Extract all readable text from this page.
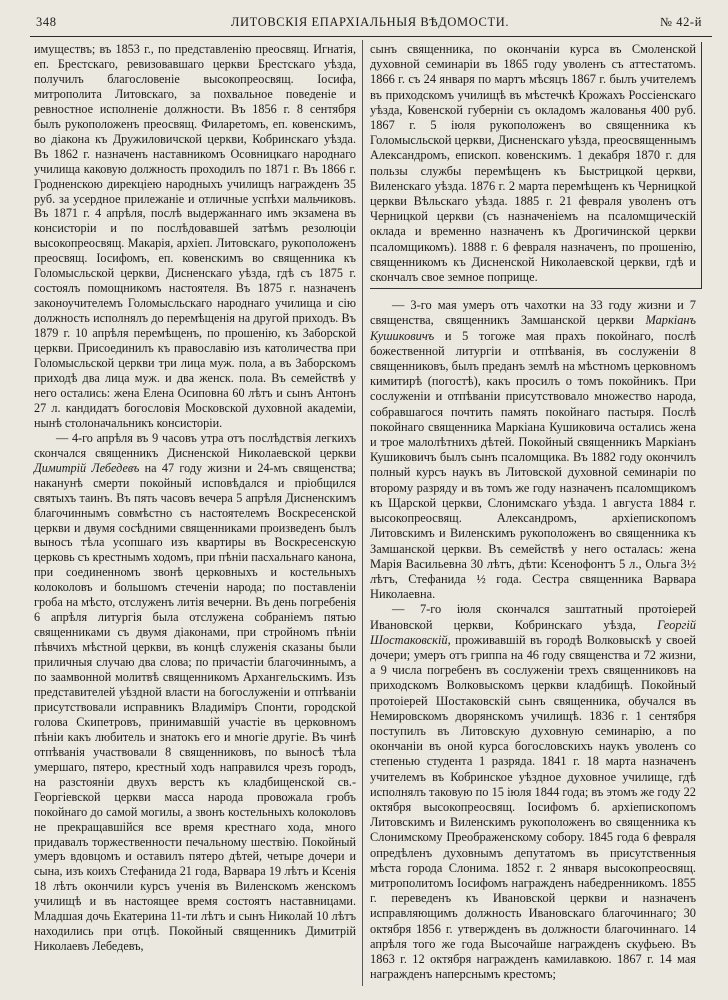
348	ЛИТОВСКІЯ ЕПАРХІАЛЬНЫЯ ВѢДОМОСТИ.	№ 42-й

имуществъ; въ 1853 г., по представленію преосвящ. Игнатія, еп. Брестскаго, ревизовавшаго церкви Брестскаго уѣзда, получилъ благословеніе высокопреосвящ. Іосифа, митрополита Литовскаго, за похвальное поведеніе и ревностное исполненіе должности. Въ 1856 г. 8 сентября былъ рукоположенъ преосвящ. Филаретомъ, еп. ковенскимъ, во діакона къ Дружиловичской церкви, Кобринскаго уѣзда. Въ 1862 г. назначенъ наставникомъ Осовницкаго народнаго училища каковую должность проходилъ по 1871 г. Въ 1866 г. Гродненскою дирекціею народныхъ училищъ награжденъ 35 руб. за усердное прилежаніе и отличные успѣхи мальчиковъ. Въ 1871 г. 4 апрѣля, послѣ выдержаннаго имъ экзамена въ консисторіи и по послѣдовавшей затѣмъ резолюціи высокопреосвящ. Макарія, архіеп. Литовскаго, рукоположенъ преосвящ. Іосифомъ, еп. ковенскимъ во священника къ Голомысльской церкви, Дисненскаго уѣзда, гдѣ съ 1875 г. состоялъ помощникомъ настоятеля. Въ 1875 г. назначенъ законоучителемъ Голомысльскаго народнаго училища и сію должность исполнялъ до перемѣщенія на другой приходъ. Въ 1879 г. 10 апрѣля перемѣщенъ, по прошенію, къ Заборской церкви. Присоединилъ къ православію изъ католичества при Голомысльской церкви три лица муж. пола, а въ Заборскомъ приходѣ два лица муж. и два женск. пола. Въ семействѣ у него остались: жена Елена Осиповна 60 лѣтъ и сынъ Антонъ 27 л. кандидатъ богословія Московской духовной академіи, нынѣ столоначальникъ консисторіи.

— 4-го апрѣля въ 9 часовъ утра отъ послѣдствія легкихъ скончался священникъ Дисненской Николаевской церкви Димитрій Лебедевъ на 47 году жизни и 24-мъ священства; наканунѣ смерти покойный исповѣдался и пріобщился святыхъ таинъ. Въ пять часовъ вечера 5 апрѣля Дисненскимъ благочиннымъ совмѣстно съ настоятелемъ Воскресенской церкви и двумя сосѣдними священниками произведенъ былъ выносъ тѣла усопшаго изъ квартиры въ Воскресенскую церковь съ крестнымъ ходомъ, при пѣніи пасхальнаго канона, при соединенномъ звонѣ церковныхъ и костельныхъ колоколовъ и большомъ стеченіи народа; по поставленіи гроба на мѣсто, отслуженъ литія вечерни. Въ день погребенія 6 апрѣля литургія была отслужена собраніемъ пятью священниками съ двумя діаконами, при стройномъ пѣніи пѣвчихъ мѣстной церкви, въ концѣ служенія сказаны были приличныя случаю два слова; по причастіи благочиннымъ, а по заамвонной молитвѣ священникомъ Архангельскимъ. Изъ представителей уѣздной власти на богослуженіи и отпѣваніи присутствовали исправникъ Владиміръ Спонти, городской голова Скипетровъ, принимавшій участіе въ церковномъ пѣніи какъ любитель и знатокъ его и многіе другіе. Въ чинѣ отпѣванія участвовали 8 священниковъ, по выносѣ тѣла умершаго, пятеро, крестный ходъ направился чрезъ городъ, на разстояніи двухъ верстъ къ кладбищенской св.-Георгіевской церкви масса народа провожала гробъ покойнаго до самой могилы, а звонъ костельныхъ колоколовъ не прекращавшійся все время крестнаго хода, много придавалъ торжественности печальному шествію. Покойный умеръ вдовцомъ и оставилъ пятеро дѣтей, четыре дочери и сына, изъ коихъ Стефанида 21 года, Варвара 19 лѣтъ и Ксенія 18 лѣтъ окончили курсъ ученія въ Виленскомъ женскомъ училищѣ и въ настоящее время состоятъ наставницами. Младшая дочь Екатерина 11-ти лѣтъ и сынъ Николай 10 лѣтъ находились при отцѣ. Покойный священникъ Димитрій Николаевъ Лебедевъ,

сынъ священника, по окончаніи курса въ Смоленской духовной семинаріи въ 1865 году уволенъ съ аттестатомъ. 1866 г. съ 24 января по мартъ мѣсяцъ 1867 г. былъ учителемъ въ приходскомъ училищѣ въ мѣстечкѣ Крожахъ Россіенскаго уѣзда, Ковенской губерніи съ окладомъ жалованья 400 руб. 1867 г. 5 іюля рукоположенъ во священника къ Голомысльской церкви, Дисненскаго уѣзда, преосвященнымъ Александромъ, епископ. ковенскимъ. 1 декабря 1870 г. для пользы службы перемѣщенъ къ Быстрицкой церкви, Виленскаго уѣзда. 1876 г. 2 марта перемѣщенъ къ Черницкой церкви Вѣльскаго уѣзда. 1885 г. 21 февраля уволенъ отъ Черницкой церкви (съ назначеніемъ на псаломщическій оклада и временно назначенъ къ Дрогичинской церкви псаломщикомъ). 1888 г. 6 февраля назначенъ, по прошенію, священникомъ къ Дисненской Николаевской церкви, гдѣ и скончалъ свое земное поприще.

— 3-го мая умеръ отъ чахотки на 33 году жизни и 7 священства, священникъ Замшанской церкви Маркіанъ Кушиковичъ и 5 тогоже мая прахъ покойнаго, послѣ божественной литургіи и отпѣванія, въ сослуженіи 8 священниковъ, былъ преданъ землѣ на мѣстномъ церковномъ кимитирѣ (погостѣ), какъ просилъ о томъ покойникъ. При сослуженіи и отпѣваніи присутствовало множество народа, собравшагося почтить память покойнаго пастыря. Послѣ покойнаго священника Маркіана Кушиковича остались жена и трое малолѣтнихъ дѣтей. Покойный священникъ Маркіанъ Кушиковичъ былъ сынъ псаломщика. Въ 1882 году окончилъ полный курсъ наукъ въ Литовской духовной семинаріи по второму разряду и въ томъ же году назначенъ псаломщикомъ къ Щарской церкви, Слонимскаго уѣзда. 1 августа 1884 г. высокопреосвящ. Александромъ, архіепископомъ Литовскимъ и Виленскимъ рукоположенъ во священника къ Замшанской церкви. Въ семействѣ у него осталась: жена Марія Васильевна 30 лѣтъ, дѣти: Ксенофонтъ 5 л., Ольга 3½ лѣтъ, Стефанида ½ года. Сестра священника Варвара Николаевна.

— 7-го іюля скончался заштатный протоіерей Ивановской церкви, Кобринскаго уѣзда, Георгій Шостаковскій, проживавшій въ городѣ Волковыскѣ у своей дочери; умеръ отъ гриппа на 46 году священства и 72 жизни, а 9 числа погребенъ въ сослуженіи трехъ священниковъ на приходскомъ Волковыскомъ церкви кладбищѣ. Покойный протоіерей Шостаковскій сынъ священника, обучался въ Немировскомъ дворянскомъ училищѣ. 1836 г. 1 сентября поступилъ въ Литовскую духовную семинарію, а по окончаніи въ оной курса богословскихъ наукъ уволенъ со степенью студента 1 разряда. 1841 г. 18 марта назначенъ учителемъ въ Кобринское уѣздное духовное училище, гдѣ исполнялъ таковую по 15 іюля 1844 года; въ этомъ же году 22 октября высокопреосвящ. Іосифомъ б. архіепископомъ Литовскимъ и Виленскимъ рукоположенъ во священника къ Слонимскому Преображенскому собору. 1845 года 6 февраля опредѣленъ духовнымъ депутатомъ въ присутственныя мѣста города Слонима. 1852 г. 2 января высокопреосвящ. митрополитомъ Іосифомъ награжденъ набедренникомъ. 1855 г. переведенъ къ Ивановской церкви и назначенъ исправляющимъ должность Ивановскаго благочиннаго; 30 октября 1856 г. утвержденъ въ должности благочиннаго. 14 апрѣля того же года Высочайше награжденъ скуфьею. Въ 1863 г. 12 октября награжденъ камилавкою. 1867 г. 14 мая награжденъ наперснымъ крестомъ;
